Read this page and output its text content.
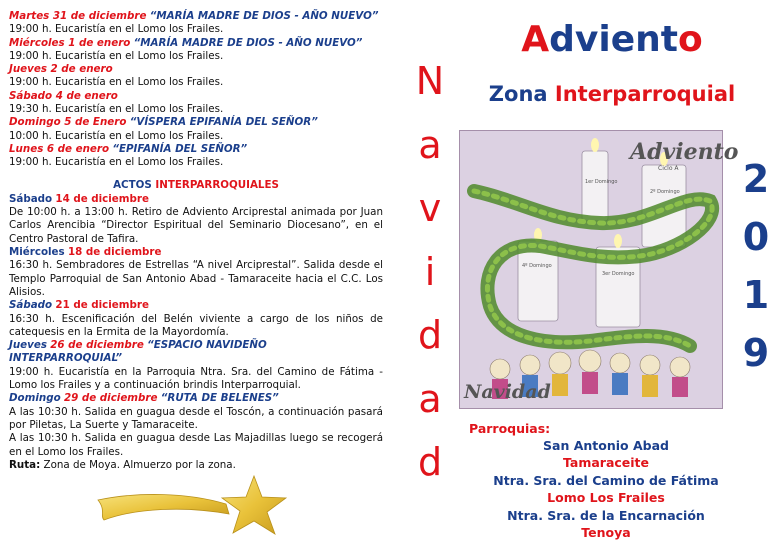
Martes 31 de diciembre “MARÍA MADRE DE DIOS - AÑO NUEVO”

19:00 h. Eucaristía en el Lomo los Frailes.

Miércoles 1 de enero “MARÍA MADRE DE DIOS - AÑO NUEVO”

19:00 h. Eucaristía en el Lomo los Frailes.

Jueves 2 de enero

19:00 h. Eucaristía en el Lomo los Frailes.

Sábado 4 de enero

19:30 h. Eucaristía en el Lomo los Frailes.

Domingo 5 de Enero “VÍSPERA EPIFANÍA DEL SEÑOR”

10:00 h. Eucaristía en el Lomo los Frailes.

Lunes 6 de enero “EPIFANÍA DEL SEÑOR”

19:00 h. Eucaristía en el Lomo los Frailes.

ACTOS INTERPARROQUIALES

Sábado 14 de diciembre

De 10:00 h. a 13:00 h. Retiro de Adviento Arciprestal animada por Juan Carlos Arencibia “Director Espiritual del Seminario Diocesano”, en el Centro Pastoral de Tafira.

Miércoles 18 de diciembre

16:30 h. Sembradores de Estrellas “A nivel Arciprestal”. Salida desde el Templo Parroquial de San Antonio Abad - Tamaraceite hacia el C.C. Los Alisios.

Sábado 21 de diciembre

16:30 h. Escenificación del Belén viviente a cargo de los niños de catequesis en la Ermita de la Mayordomía.

Jueves 26 de diciembre “ESPACIO NAVIDEÑO INTERPARROQUIAL”

19:00 h. Eucaristía en la Parroquia Ntra. Sra. del Camino de Fátima - Lomo los Frailes y a continuación brindis Interparroquial.

Domingo 29 de diciembre “RUTA DE BELENES”

A las 10:30 h. Salida en guagua desde el Toscón, a continuación pasará por Piletas, La Suerte y Tamaraceite.

A las 10:30 h. Salida en guagua desde Las Majadillas luego se recogerá en el Lomo los Frailes.

Ruta: Zona de Moya. Almuerzo por la zona.

N
a
v
i
d
a
d
Adviento
Zona Interparroquial
Adviento
Ciclo A
1er Domingo
2º Domingo
3er Domingo
4º Domingo
Navidad
2
0
1
9
Parroquias:
San Antonio Abad
Tamaraceite
Ntra. Sra. del Camino de Fátima
Lomo Los Frailes
Ntra. Sra. de la Encarnación
Tenoya
